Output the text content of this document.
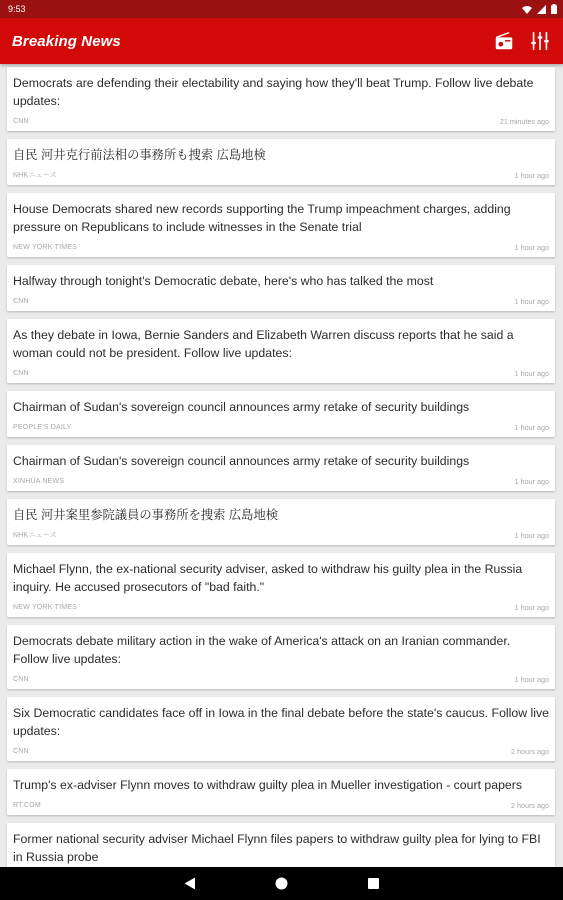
9:53
Breaking News
Democrats are defending their electability and saying how they'll beat Trump. Follow live debate updates:
CNN	21 minutes ago
自民 河井克行前法相の事務所も捜索 広島地検
NHKニュース	1 hour ago
House Democrats shared new records supporting the Trump impeachment charges, adding pressure on Republicans to include witnesses in the Senate trial
NEW YORK TIMES	1 hour ago
Halfway through tonight's Democratic debate, here's who has talked the most
CNN	1 hour ago
As they debate in Iowa, Bernie Sanders and Elizabeth Warren discuss reports that he said a woman could not be president. Follow live updates:
CNN	1 hour ago
Chairman of Sudan's sovereign council announces army retake of security buildings
PEOPLE'S DAILY	1 hour ago
Chairman of Sudan's sovereign council announces army retake of security buildings
XINHUA NEWS	1 hour ago
自民 河井案里参院議員の事務所を捜索 広島地検
NHKニュース	1 hour ago
Michael Flynn, the ex-national security adviser, asked to withdraw his guilty plea in the Russia inquiry. He accused prosecutors of "bad faith."
NEW YORK TIMES	1 hour ago
Democrats debate military action in the wake of America's attack on an Iranian commander. Follow live updates:
CNN	1 hour ago
Six Democratic candidates face off in Iowa in the final debate before the state's caucus. Follow live updates:
CNN	2 hours ago
Trump's ex-adviser Flynn moves to withdraw guilty plea in Mueller investigation - court papers
RT.COM	2 hours ago
Former national security adviser Michael Flynn files papers to withdraw guilty plea for lying to FBI in Russia probe
